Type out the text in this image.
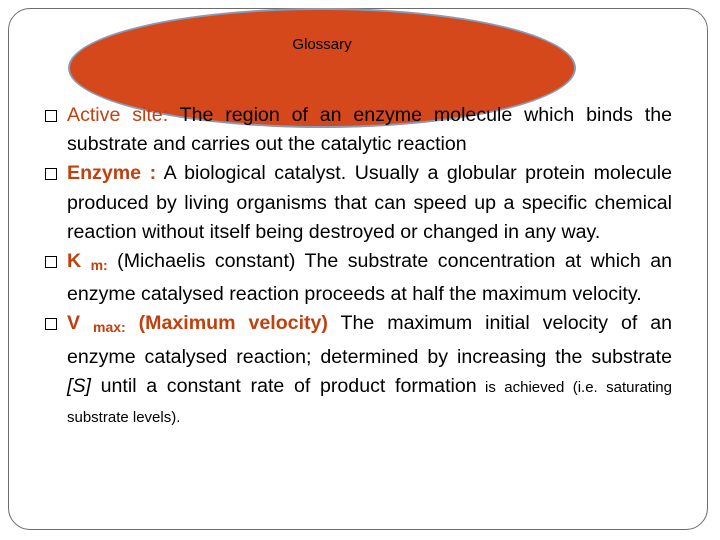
Glossary
Active site: The region of an enzyme molecule which binds the substrate and carries out the catalytic reaction
Enzyme : A biological catalyst. Usually a globular protein molecule produced by living organisms that can speed up a specific chemical reaction without itself being destroyed or changed in any way.
K $_{m:}$ (Michaelis constant) The substrate concentration at which an enzyme catalysed reaction proceeds at half the maximum velocity.
V $_{max:}$ (Maximum velocity) The maximum initial velocity of an enzyme catalysed reaction; determined by increasing the substrate [S] until a constant rate of product formation is achieved (i.e. saturating substrate levels).
